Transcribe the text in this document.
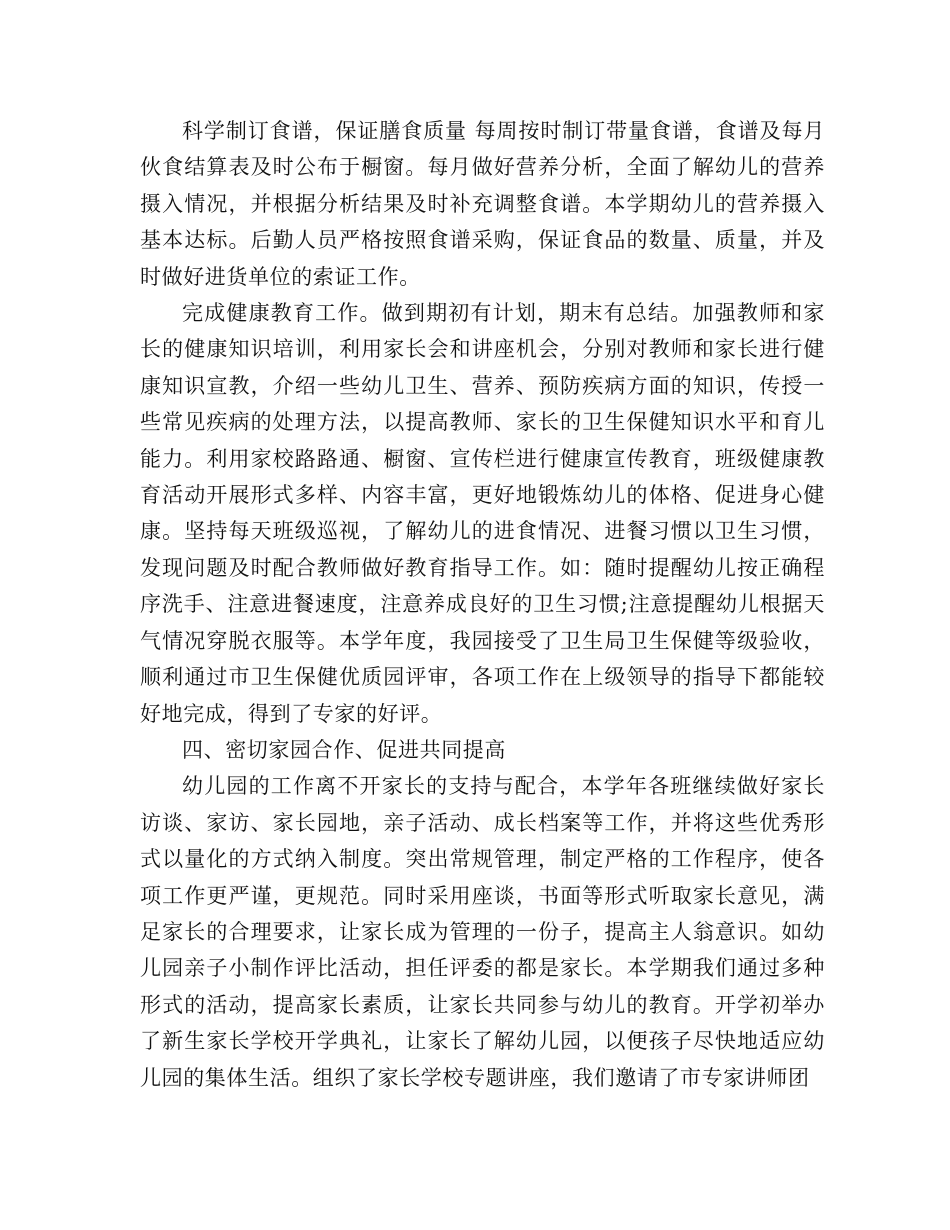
科学制订食谱，保证膳食质量 每周按时制订带量食谱，食谱及每月伙食结算表及时公布于橱窗。每月做好营养分析，全面了解幼儿的营养摄入情况，并根据分析结果及时补充调整食谱。本学期幼儿的营养摄入基本达标。后勤人员严格按照食谱采购，保证食品的数量、质量，并及时做好进货单位的索证工作。

完成健康教育工作。做到期初有计划，期末有总结。加强教师和家长的健康知识培训，利用家长会和讲座机会，分别对教师和家长进行健康知识宣教，介绍一些幼儿卫生、营养、预防疾病方面的知识，传授一些常见疾病的处理方法，以提高教师、家长的卫生保健知识水平和育儿能力。利用家校路路通、橱窗、宣传栏进行健康宣传教育，班级健康教育活动开展形式多样、内容丰富，更好地锻炼幼儿的体格、促进身心健康。坚持每天班级巡视，了解幼儿的进食情况、进餐习惯以卫生习惯，发现问题及时配合教师做好教育指导工作。如：随时提醒幼儿按正确程序洗手、注意进餐速度，注意养成良好的卫生习惯;注意提醒幼儿根据天气情况穿脱衣服等。本学年度，我园接受了卫生局卫生保健等级验收，顺利通过市卫生保健优质园评审，各项工作在上级领导的指导下都能较好地完成，得到了专家的好评。

四、密切家园合作、促进共同提高

幼儿园的工作离不开家长的支持与配合，本学年各班继续做好家长访谈、家访、家长园地，亲子活动、成长档案等工作，并将这些优秀形式以量化的方式纳入制度。突出常规管理，制定严格的工作程序，使各项工作更严谨，更规范。同时采用座谈，书面等形式听取家长意见，满足家长的合理要求，让家长成为管理的一份子，提高主人翁意识。如幼儿园亲子小制作评比活动，担任评委的都是家长。本学期我们通过多种形式的活动，提高家长素质，让家长共同参与幼儿的教育。开学初举办了新生家长学校开学典礼，让家长了解幼儿园，以便孩子尽快地适应幼儿园的集体生活。组织了家长学校专题讲座，我们邀请了市专家讲师团
